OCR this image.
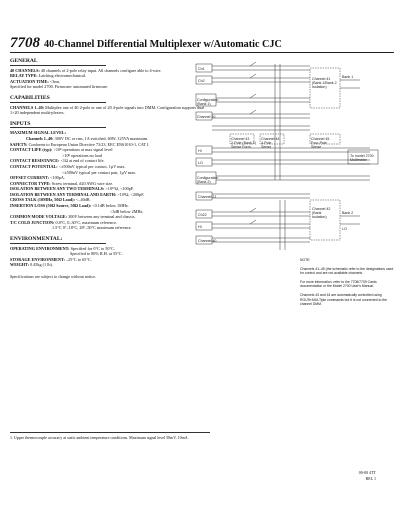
7708 40-Channel Differential Multiplexer w/Automatic CJC
GENERAL

40 CHANNELS: 40 channels of 2-pole relay input. All channels configure able to 4-wire.

RELAY TYPE: Latching electromechanical.

ACTUATION TIME: <3ms.

Specified for model 2700. Firmware: automated firmware.

CAPABILITIES

CHANNELS 1–40: Multiplex one of 40 2-pole or one of 20 4-pole signals into DMM. Configuration supports dual 1×20 independent multi-plexers.

INPUTS

MAXIMUM SIGNAL LEVEL:

Channels 1–40: 300V DC or rms, 1A switched, 60W, 125VA maximum.

SAFETY: Conforms to European Union Directive 73/23, EEC EN61010-1, CAT I.

CONTACT LIFE (typ): >10⁸ operations at max signal level

>10⁸ operations no load

CONTACT RESISTANCE: <1Ω at end of contact life.

CONTACT POTENTIAL: <±500nV typical per contact, 1µV max.

<±500nV typical per contact pair, 1µV max.

OFFSET CURRENT: <100pA.

CONNECTOR TYPE: Screw terminal, #20 AWG wire size.

ISOLATION BETWEEN ANY TWO TERMINALS: >10¹⁰Ω, <100pF.

ISOLATION BETWEEN ANY TERMINAL AND EARTH: >10⁹Ω, <200pF.

CROSS TALK (10MHz, 50Ω Load): <–40dB.

INSERTION LOSS (50Ω Source, 50Ω Load): <0.1dB below 1MHz.

<3dB below 2MHz.

COMMON MODE VOLTAGE: 300V between any terminal and chassis.

T/C COLD JUNCTION: 0.8°C, 0–30°C, maximum reference.

1.5°C 0°–18°C, 28°–50°C maximum reference.

ENVIRONMENTAL:

OPERATING ENVIRONMENT: Specified for 0°C to 50°C.

Specified to 80% R.H. at 35°C.

STORAGE ENVIRONMENT: –25°C to 65°C.

WEIGHT: 0.45kg (1 lb).

Specifications are subject to change without notice.

Ch1
Ch2
Configuration (Bank 1)
Channel 20
Channel 41 (Bank 1/Bank 2 Isolation)
Bank 1
Channel 43 2-Pole (Bank 1) Sense Form
Channel 44 4-Pole Sense
Channel 45 Four-Pole Sense
To model 2700 Multimeter
HI
LO
Configuration (Bank 2)
Channel 21
Ch22
HI
Channel 40
Channel 42 (Bank Isolation)
Bank 2
LO

NOTE:

Channels 41–45 (the schematic refer to the designations used for control and are not available channels.

For more information, refer to the 7708/7709 Cards documentation or the Model 2700 User's Manual.

Channels 43 and 44 are automatically controlled using ROUTe:MULTiple commands but it is not connected to the channel DMM.

1. Upper thermocouple accuracy at static ambient temperature conditions. Maximum signal level 50mV, 10mA.
00-00 4TT
REL 1
